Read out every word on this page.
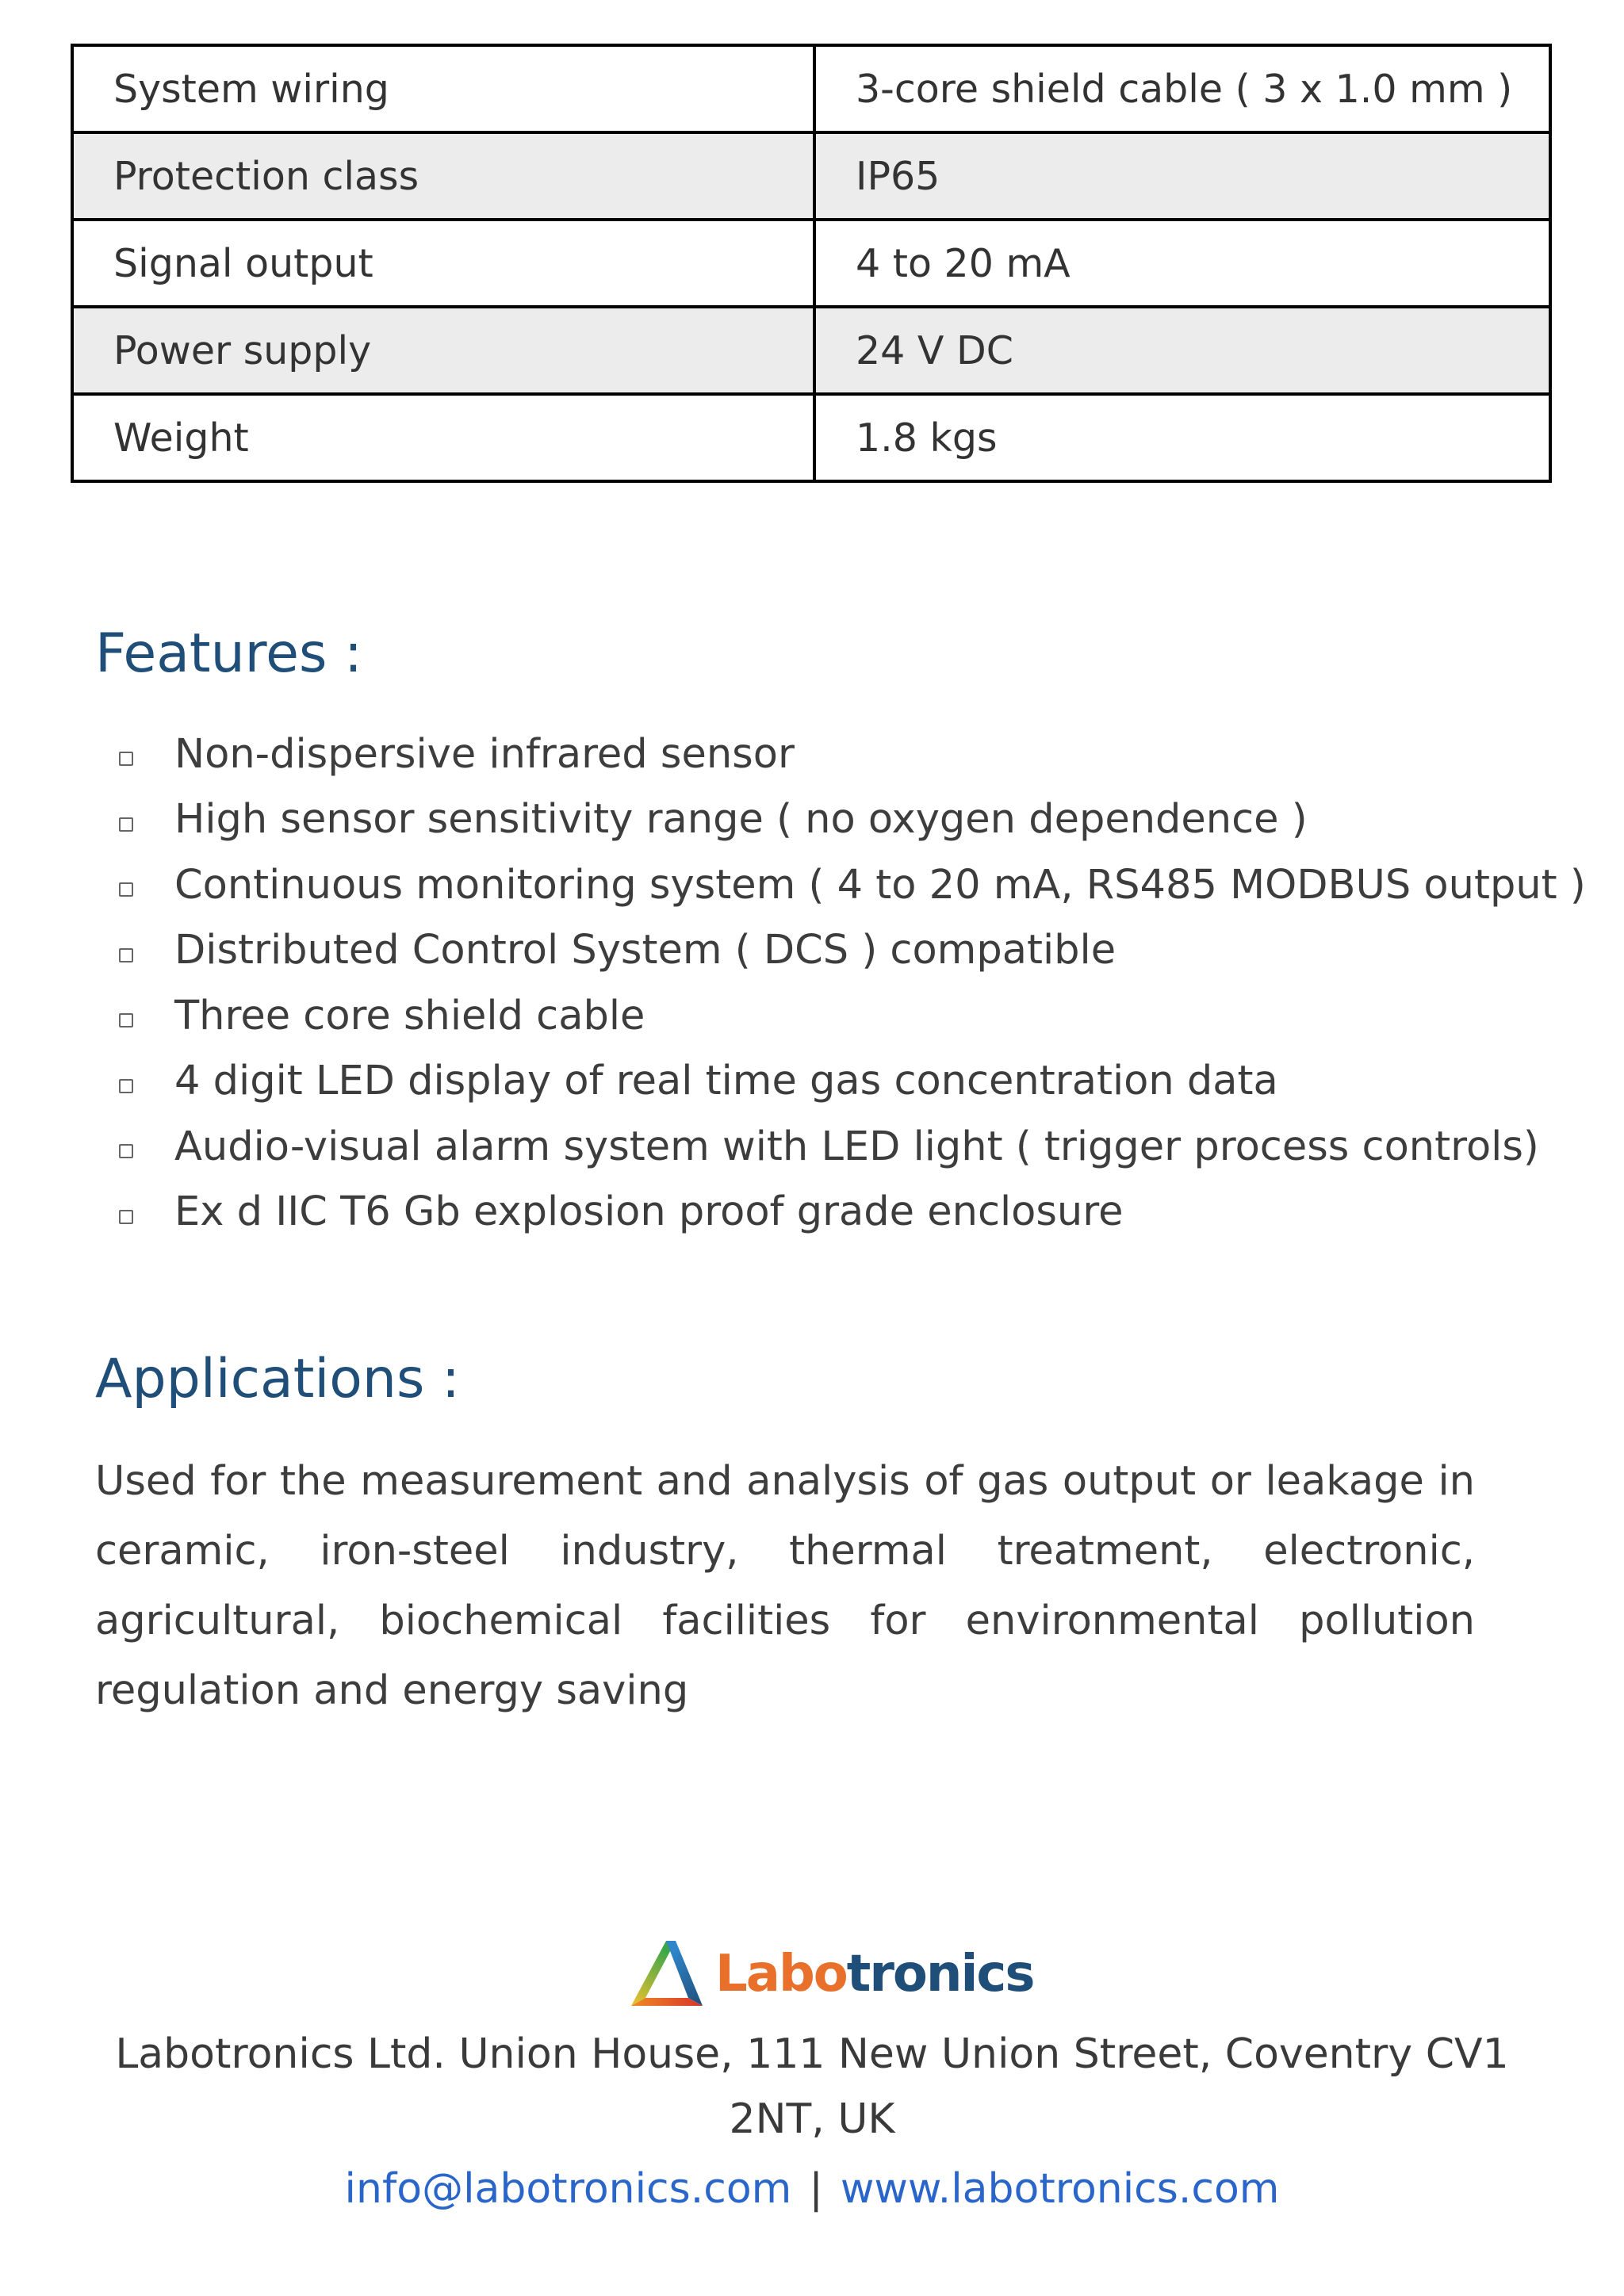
System wiring	3-core shield cable ( 3 x 1.0 mm )
Protection class	IP65
Signal output	4 to 20 mA
Power supply	24 V DC
Weight	1.8 kgs
Features :
Non-dispersive infrared sensor
High sensor sensitivity range ( no oxygen dependence )
Continuous monitoring system ( 4 to 20 mA, RS485 MODBUS output )
Distributed Control System ( DCS ) compatible
Three core shield cable
4 digit LED display of real time gas concentration data
Audio-visual alarm system with LED light ( trigger process controls)
Ex d IIC T6 Gb explosion proof grade enclosure
Applications :

Used for the measurement and analysis of gas output or leakage in ceramic, iron-steel industry, thermal treatment, electronic, agricultural, biochemical facilities for environmental pollution regulation and energy saving

Labotronics

Labotronics Ltd. Union House, 111 New Union Street, Coventry CV1 2NT, UK

info@labotronics.com | www.labotronics.com
